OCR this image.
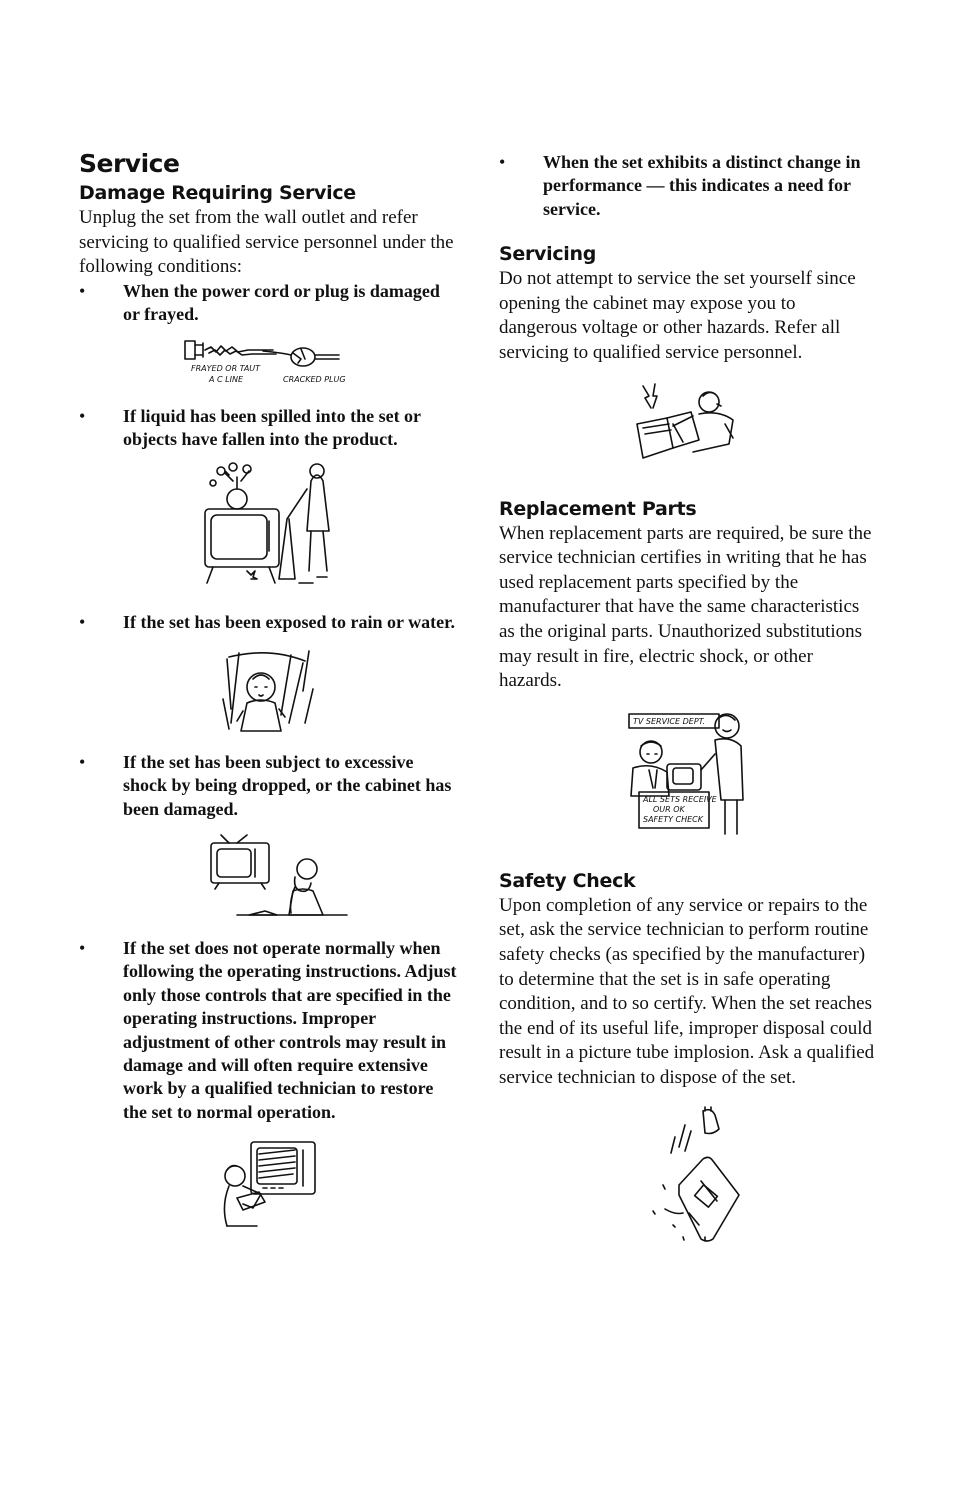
Service
Damage Requiring Service

Unplug the set from the wall outlet and refer servicing to qualified service personnel under the following conditions:

• When the power cord or plug is damaged or frayed.
FRAYED OR TAUT
A C LINE	CRACKED PLUG
• If liquid has been spilled into the set or objects have fallen into the product.
• If the set has been exposed to rain or water.
• If the set has been subject to excessive shock by being dropped, or the cabinet has been damaged.
• If the set does not operate normally when following the operating instructions. Adjust only those controls that are specified in the operating instructions. Improper adjustment of other controls may result in damage and will often require extensive work by a qualified technician to restore the set to normal operation.
• When the set exhibits a distinct change in performance — this indicates a need for service.
Servicing

Do not attempt to service the set yourself since opening the cabinet may expose you to dangerous voltage or other hazards. Refer all servicing to qualified service personnel.

Replacement Parts

When replacement parts are required, be sure the service technician certifies in writing that he has used replacement parts specified by the manufacturer that have the same characteristics as the original parts. Unauthorized substitutions may result in fire, electric shock, or other hazards.

TV SERVICE DEPT.
ALL SETS RECEIVE
OUR OK
SAFETY CHECK
Safety Check

Upon completion of any service or repairs to the set, ask the service technician to perform routine safety checks (as specified by the manufacturer) to determine that the set is in safe operating condition, and to so certify. When the set reaches the end of its useful life, improper disposal could result in a picture tube implosion. Ask a qualified service technician to dispose of the set.
